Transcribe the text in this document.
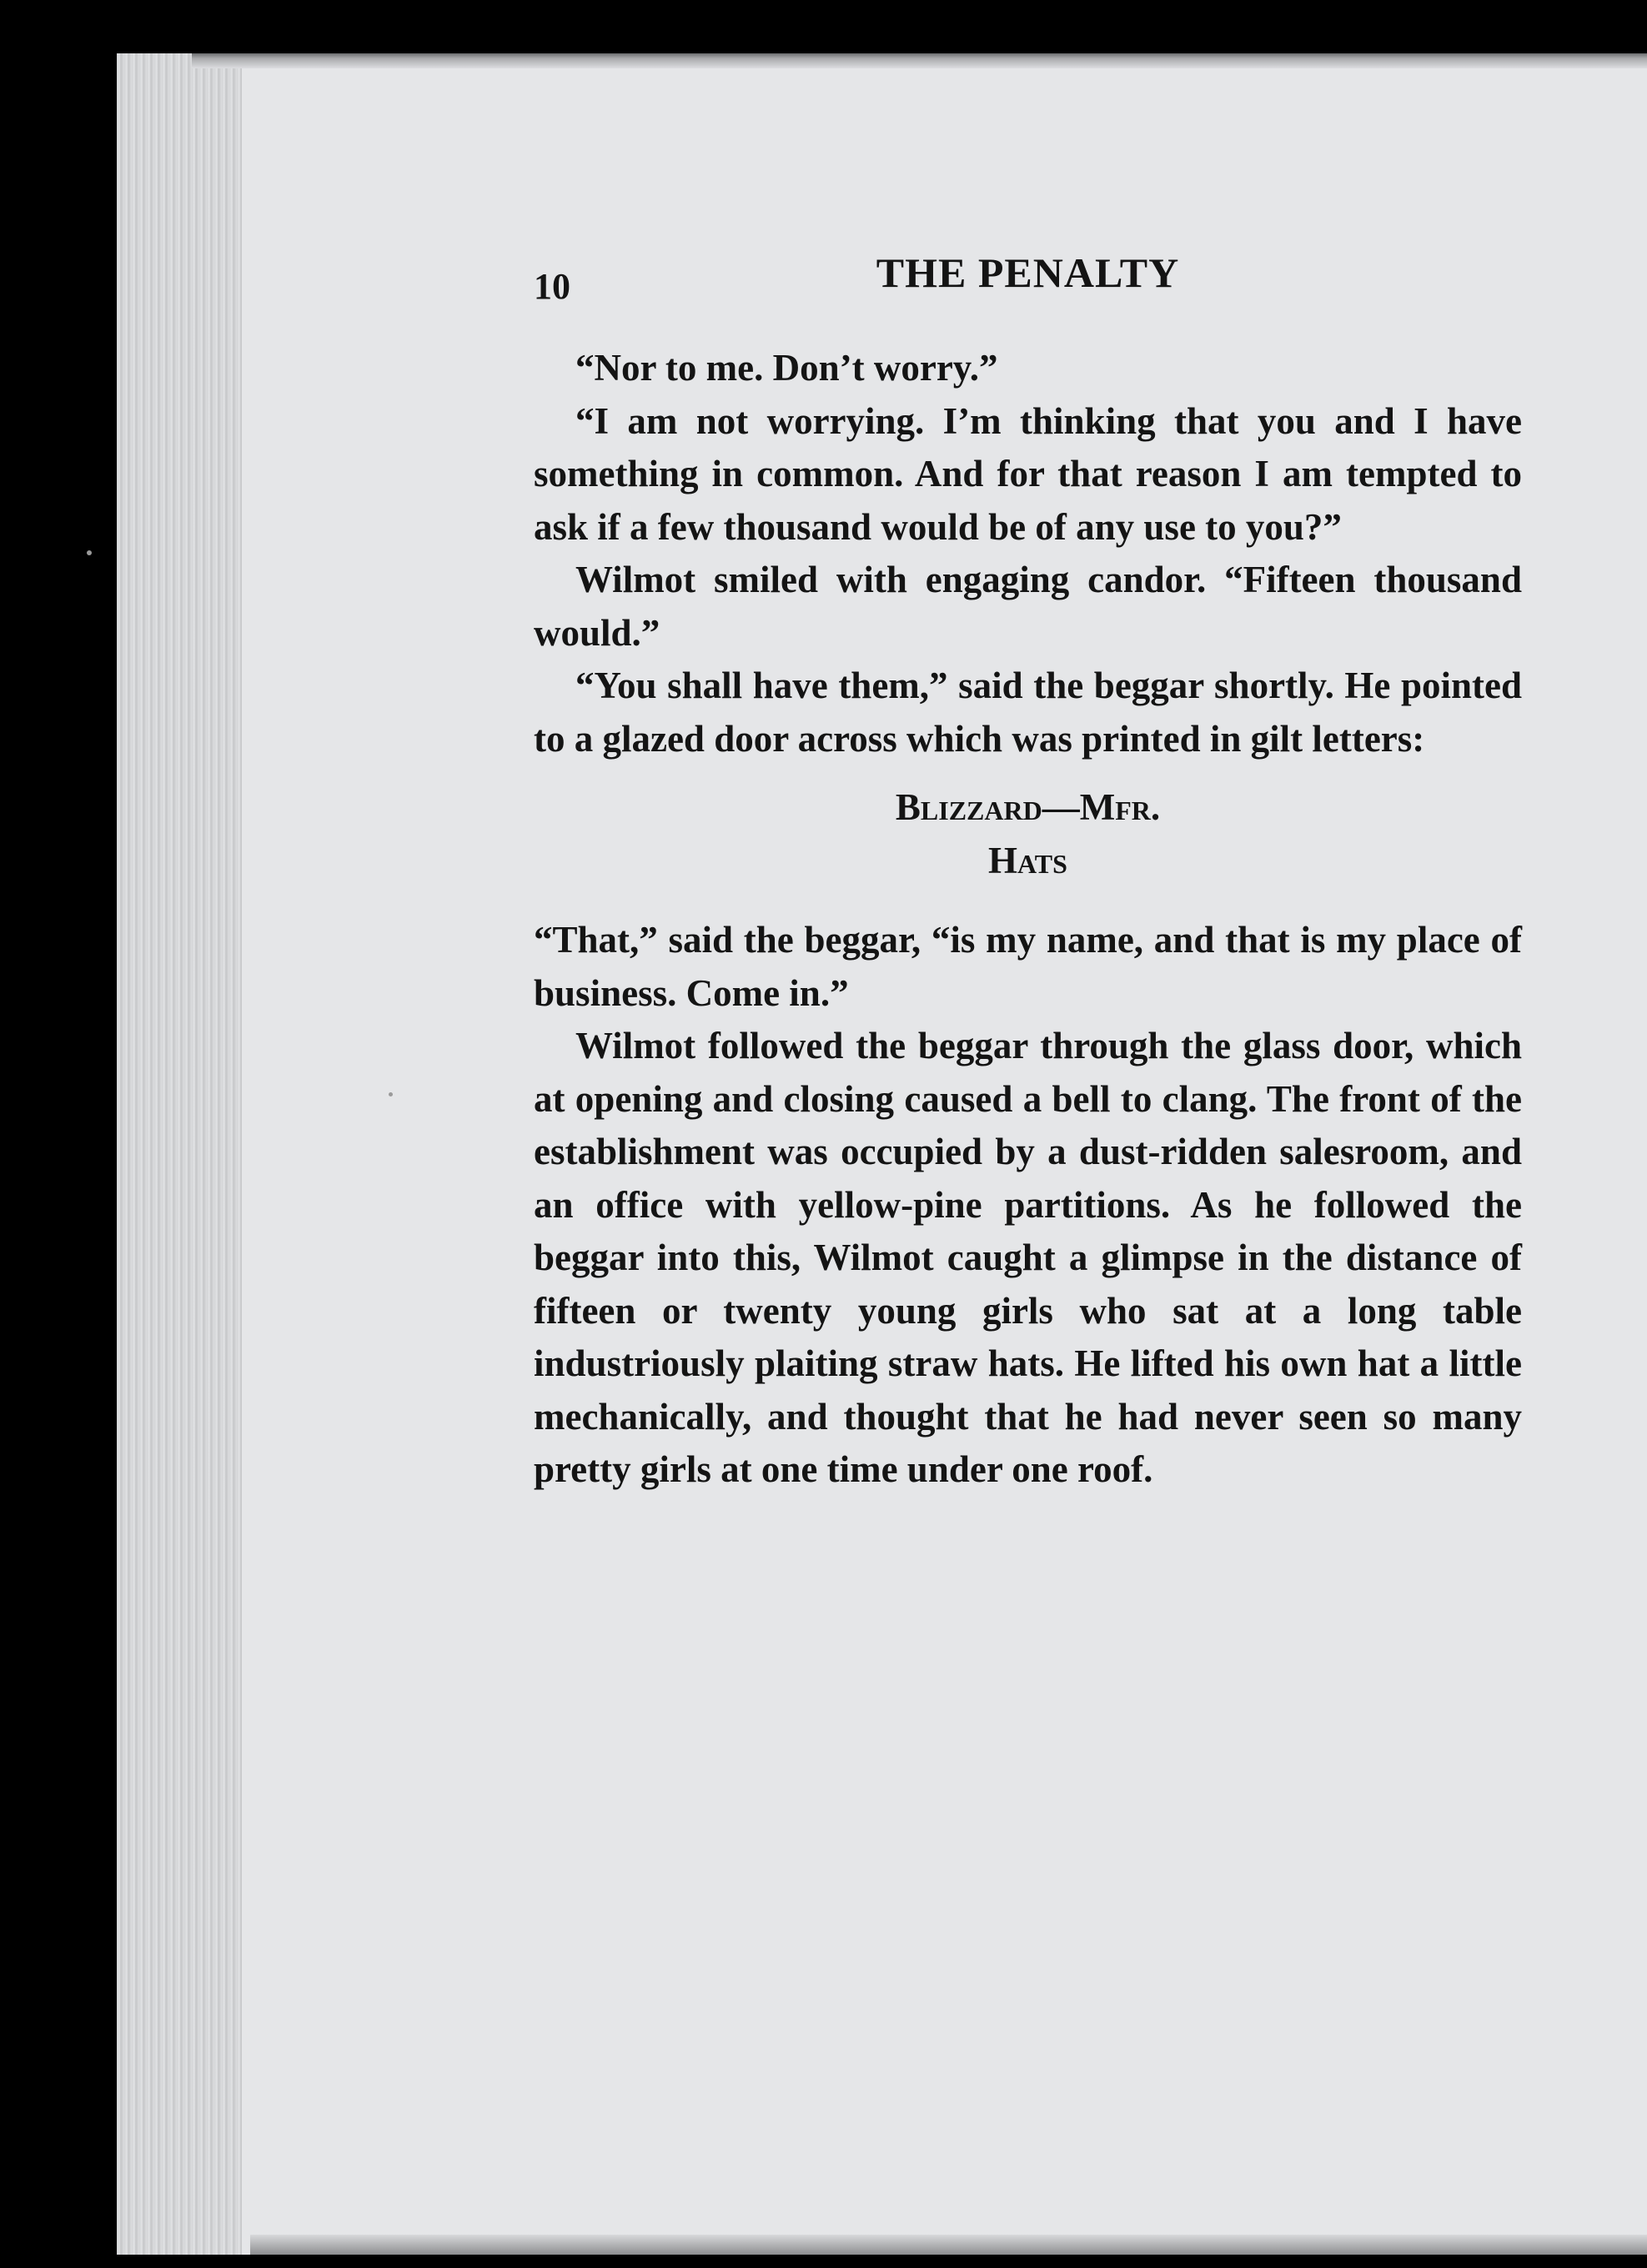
10	THE PENALTY

“Nor to me. Don’t worry.”

“I am not worrying. I’m thinking that you and I have something in common. And for that reason I am tempted to ask if a few thousand would be of any use to you?”

Wilmot smiled with engaging candor. “Fifteen thousand would.”

“You shall have them,” said the beggar shortly. He pointed to a glazed door across which was printed in gilt letters:

Blizzard—Mfr.
Hats

“That,” said the beggar, “is my name, and that is my place of business. Come in.”

Wilmot followed the beggar through the glass door, which at opening and closing caused a bell to clang. The front of the establishment was occupied by a dust-ridden salesroom, and an office with yellow-pine partitions. As he followed the beggar into this, Wilmot caught a glimpse in the distance of fifteen or twenty young girls who sat at a long table industriously plaiting straw hats. He lifted his own hat a little mechanically, and thought that he had never seen so many pretty girls at one time under one roof.
